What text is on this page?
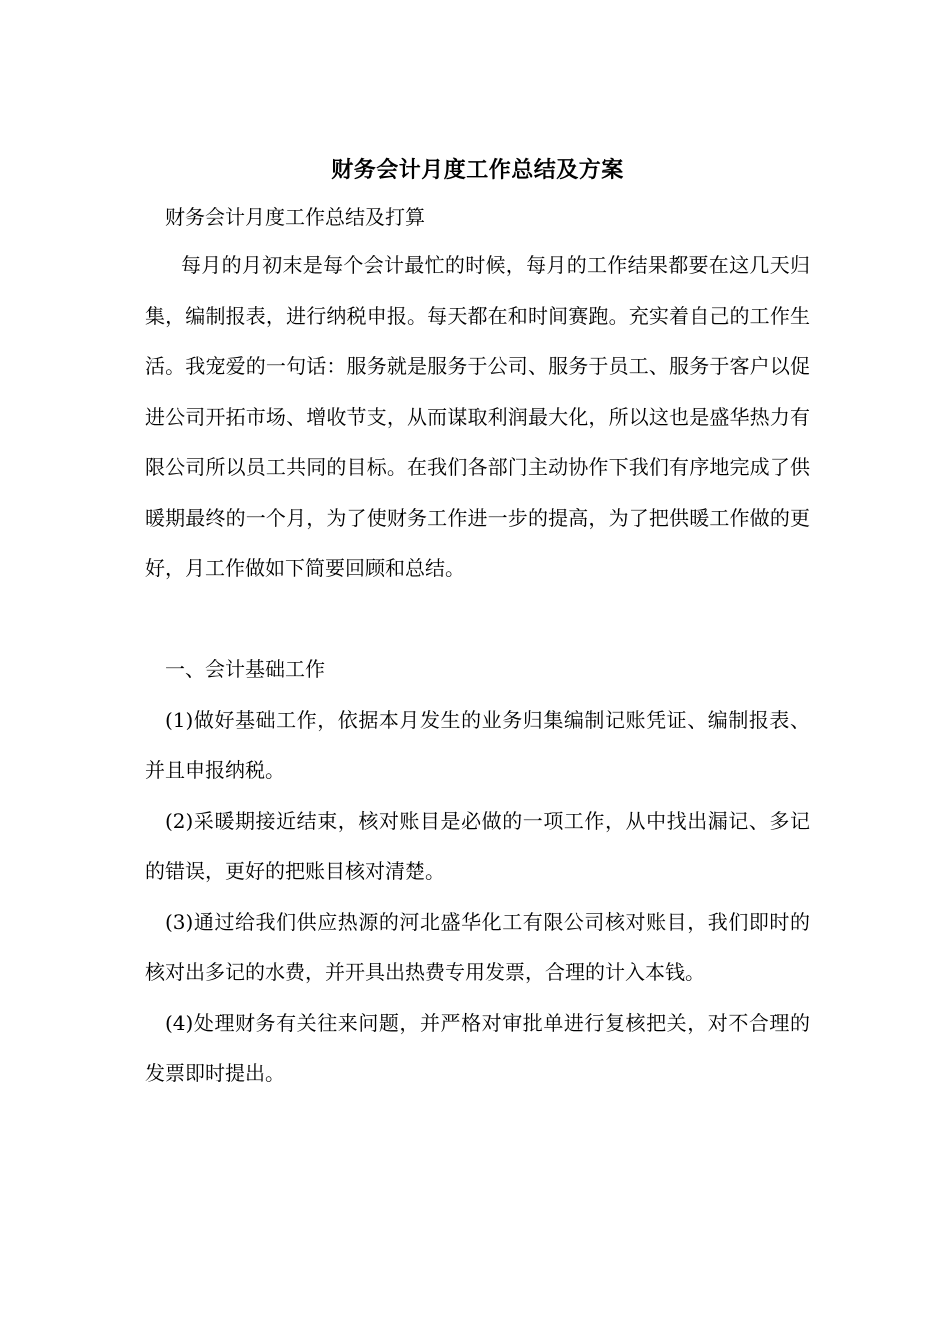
财务会计月度工作总结及方案

财务会计月度工作总结及打算

每月的月初末是每个会计最忙的时候，每月的工作结果都要在这几天归集，编制报表，进行纳税申报。每天都在和时间赛跑。充实着自己的工作生活。我宠爱的一句话：服务就是服务于公司、服务于员工、服务于客户以促进公司开拓市场、增收节支，从而谋取利润最大化，所以这也是盛华热力有限公司所以员工共同的目标。在我们各部门主动协作下我们有序地完成了供暖期最终的一个月，为了使财务工作进一步的提高，为了把供暖工作做的更好，月工作做如下简要回顾和总结。

一、会计基础工作

(1)做好基础工作，依据本月发生的业务归集编制记账凭证、编制报表、并且申报纳税。

(2)采暖期接近结束，核对账目是必做的一项工作，从中找出漏记、多记的错误，更好的把账目核对清楚。

(3)通过给我们供应热源的河北盛华化工有限公司核对账目，我们即时的核对出多记的水费，并开具出热费专用发票，合理的计入本钱。

(4)处理财务有关往来问题，并严格对审批单进行复核把关，对不合理的发票即时提出。
